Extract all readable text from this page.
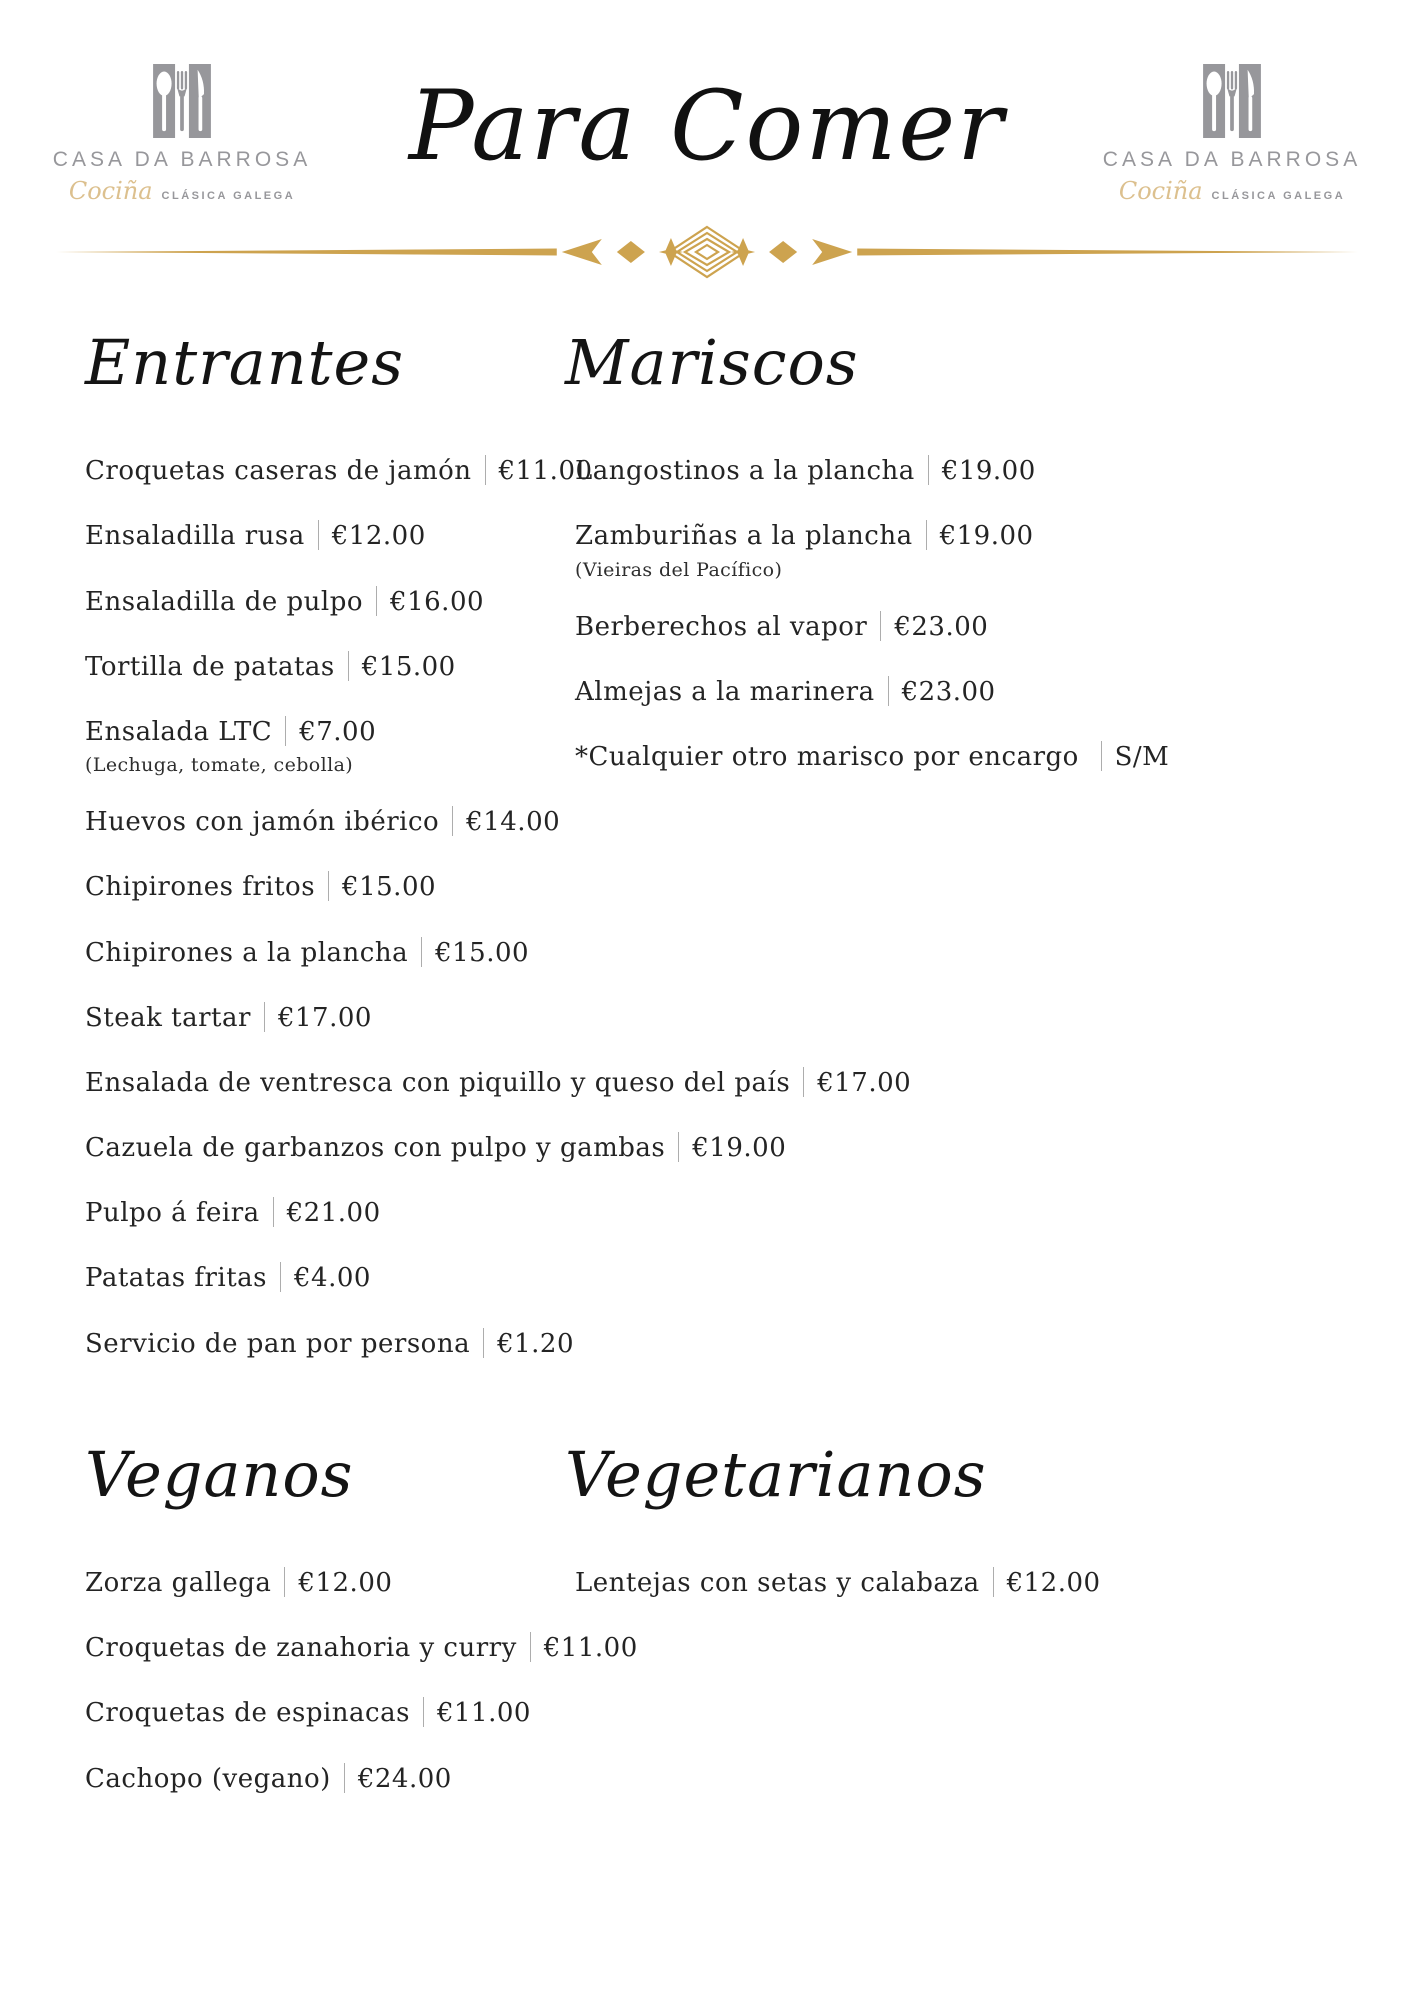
CASA DA BARROSA
Cociña CLÁSICA GALEGA
Para Comer	CASA DA BARROSA
Cociña CLÁSICA GALEGA
Entrantes
Croquetas caseras de jamón €11.00
Ensaladilla rusa €12.00
Ensaladilla de pulpo €16.00
Tortilla de patatas €15.00
Ensalada LTC €7.00
(Lechuga, tomate, cebolla)
Huevos con jamón ibérico €14.00
Chipirones fritos €15.00
Chipirones a la plancha €15.00
Steak tartar €17.00
Ensalada de ventresca con piquillo y queso del país €17.00
Cazuela de garbanzos con pulpo y gambas €19.00
Pulpo á feira €21.00
Patatas fritas €4.00
Servicio de pan por persona €1.20
Mariscos
Langostinos a la plancha €19.00
Zamburiñas a la plancha €19.00
(Vieiras del Pacífico)
Berberechos al vapor €23.00
Almejas a la marinera €23.00
*Cualquier otro marisco por encargo S/M
Veganos
Zorza gallega €12.00
Croquetas de zanahoria y curry €11.00
Croquetas de espinacas €11.00
Cachopo (vegano) €24.00
Vegetarianos
Lentejas con setas y calabaza €12.00
